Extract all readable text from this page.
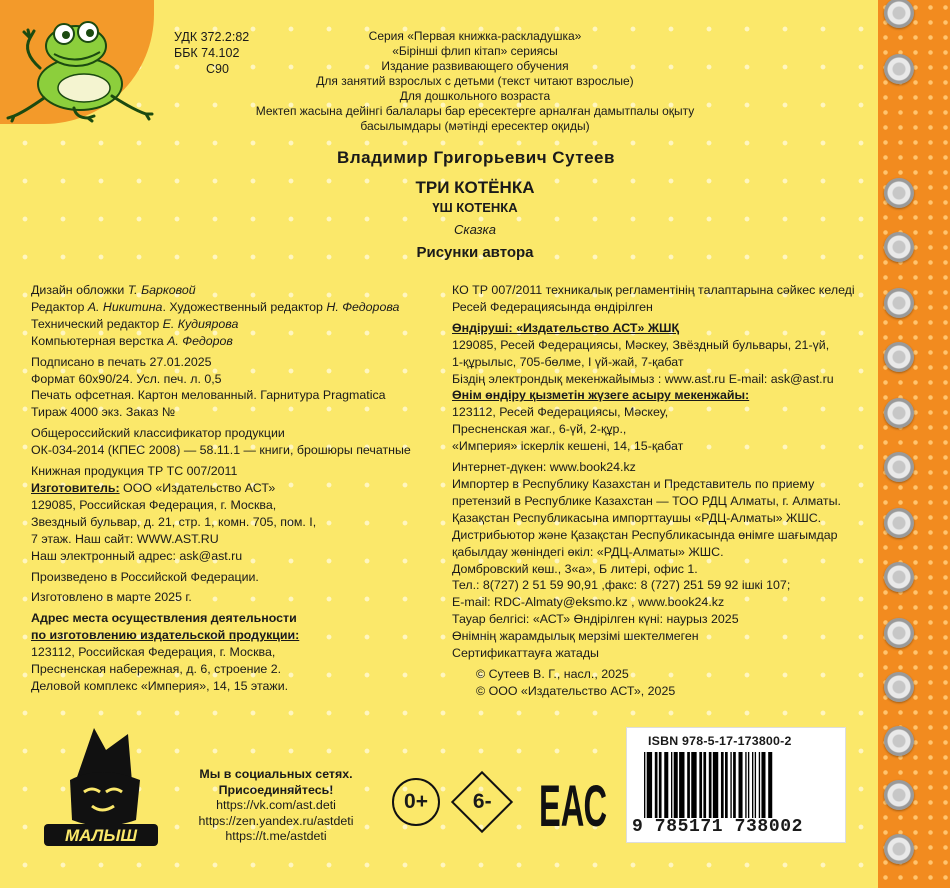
УДК 372.2:82
ББК 74.102
С90
Серия «Первая книжка-раскладушка»
«Бірінші флип кітап» сериясы
Издание развивающего обучения
Для занятий взрослых с детьми (текст читают взрослые)
Для дошкольного возраста
Мектеп жасына дейінгі балалары бар ересектерге арналған дамытпалы оқыту
басылымдары (мәтінді ересектер оқиды)
Владимир Григорьевич Сутеев
ТРИ КОТЁНКА
ҮШ КОТЕНКА
Сказка
Рисунки автора
Дизайн обложки Т. Барковой
Редактор А. Никитина. Художественный редактор Н. Федорова
Технический редактор Е. Кудиярова
Компьютерная верстка А. Федоров
Подписано в печать 27.01.2025
Формат 60х90/24. Усл. печ. л. 0,5
Печать офсетная. Картон мелованный. Гарнитура Pragmatica
Тираж 4000 экз. Заказ №
Общероссийский классификатор продукции
ОК-034-2014 (КПЕС 2008) — 58.11.1 — книги, брошюры печатные
Книжная продукция ТР ТС 007/2011
Изготовитель: ООО «Издательство АСТ»
129085, Российская Федерация, г. Москва,
Звездный бульвар, д. 21, стр. 1, комн. 705, пом. I,
7 этаж. Наш сайт: WWW.AST.RU
Наш электронный адрес: ask@ast.ru
Произведено в Российской Федерации.
Изготовлено в марте 2025 г.
Адрес места осуществления деятельности
по изготовлению издательской продукции:
123112, Российская Федерация, г. Москва,
Пресненская набережная, д. 6, строение 2.
Деловой комплекс «Империя», 14, 15 этажи.
КО ТР 007/2011 техникалық регламентінің талаптарына сәйкес келеді
Ресей Федерациясында өндірілген
Өндіруші: «Издательство АСТ» ЖШҚ
129085, Ресей Федерациясы, Мәскеу, Звёздный бульвары, 21-үй,
1-құрылыс, 705-бөлме, I үй-жай, 7-қабат
Біздің электрондық мекенжайымыз : www.ast.ru E-mail: ask@ast.ru
Өнім өндіру қызметін жүзеге асыру мекенжайы:
123112, Ресей Федерациясы, Мәскеу,
Пресненская жаг., 6-үй, 2-құр.,
«Империя» іскерлік кешені, 14, 15-қабат
Интернет-дүкен: www.book24.kz
Импортер в Республику Казахстан и Представитель по приему
претензий в Республике Казахстан — ТОО РДЦ Алматы, г. Алматы.
Қазақстан Республикасына импорттаушы «РДЦ-Алматы» ЖШС.
Дистрибьютор және Қазақстан Республикасында өнімге шағымдар
қабылдау жөніндегі өкіл: «РДЦ-Алматы» ЖШС.
Домбровский көш., 3«а», Б литері, офис 1.
Тел.: 8(727) 2 51 59 90,91 ,факс: 8 (727) 251 59 92 ішкі 107;
E-mail: RDC-Almaty@eksmo.kz , www.book24.kz
Тауар белгісі: «АСТ» Өндірілген күні: наурыз 2025
Өнімнің жарамдылық мерзімі шектелмеген
Сертификаттауға жатады
© Сутеев В. Г., насл., 2025
© ООО «Издательство АСТ», 2025
МАЛЫШ
Мы в социальных сетях.
Присоединяйтесь!
https://vk.com/ast.deti
https://zen.yandex.ru/astdeti
https://t.me/astdeti
0+ 6- ЕАС
ISBN 978-5-17-173800-2
9 785171 738002
